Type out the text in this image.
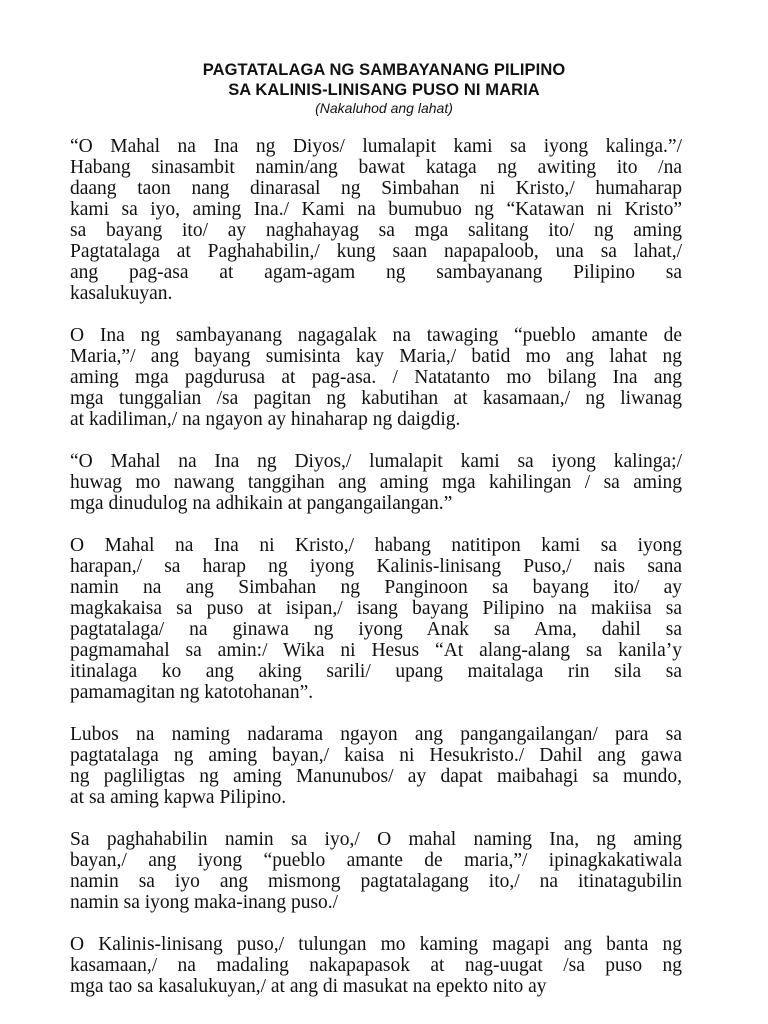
PAGTATALAGA NG SAMBAYANANG PILIPINO
SA KALINIS-LINISANG PUSO NI MARIA

(Nakaluhod ang lahat)

“O Mahal na Ina ng Diyos/ lumalapit kami sa iyong kalinga.”/
Habang sinasambit namin/ang bawat kataga ng awiting ito /na
daang taon nang dinarasal ng Simbahan ni Kristo,/ humaharap
kami sa iyo, aming Ina./ Kami na bumubuo ng “Katawan ni Kristo”
sa bayang ito/ ay naghahayag sa mga salitang ito/ ng aming
Pagtatalaga at Paghahabilin,/ kung saan napapaloob, una sa lahat,/
ang pag-asa at agam-agam ng sambayanang Pilipino sa
kasalukuyan.
O Ina ng sambayanang nagagalak na tawaging “pueblo amante de
Maria,”/ ang bayang sumisinta kay Maria,/ batid mo ang lahat ng
aming mga pagdurusa at pag-asa. / Natatanto mo bilang Ina ang
mga tunggalian /sa pagitan ng kabutihan at kasamaan,/ ng liwanag
at kadiliman,/ na ngayon ay hinaharap ng daigdig.
“O Mahal na Ina ng Diyos,/ lumalapit kami sa iyong kalinga;/
huwag mo nawang tanggihan ang aming mga kahilingan / sa aming
mga dinudulog na adhikain at pangangailangan.”
O Mahal na Ina ni Kristo,/ habang natitipon kami sa iyong
harapan,/ sa harap ng iyong Kalinis-linisang Puso,/ nais sana
namin na ang Simbahan ng Panginoon sa bayang ito/ ay
magkakaisa sa puso at isipan,/ isang bayang Pilipino na makiisa sa
pagtatalaga/ na ginawa ng iyong Anak sa Ama, dahil sa
pagmamahal sa amin:/ Wika ni Hesus “At alang-alang sa kanila’y
itinalaga ko ang aking sarili/ upang maitalaga rin sila sa
pamamagitan ng katotohanan”.
Lubos na naming nadarama ngayon ang pangangailangan/ para sa
pagtatalaga ng aming bayan,/ kaisa ni Hesukristo./ Dahil ang gawa
ng pagliligtas ng aming Manunubos/ ay dapat maibahagi sa mundo,
at sa aming kapwa Pilipino.
Sa paghahabilin namin sa iyo,/ O mahal naming Ina, ng aming
bayan,/ ang iyong “pueblo amante de maria,”/ ipinagkakatiwala
namin sa iyo ang mismong pagtatalagang ito,/ na itinatagubilin
namin sa iyong maka-inang puso./
O Kalinis-linisang puso,/ tulungan mo kaming magapi ang banta ng
kasamaan,/ na madaling nakapapasok at nag-uugat /sa puso ng
mga tao sa kasalukuyan,/ at ang di masukat na epekto nito ay
